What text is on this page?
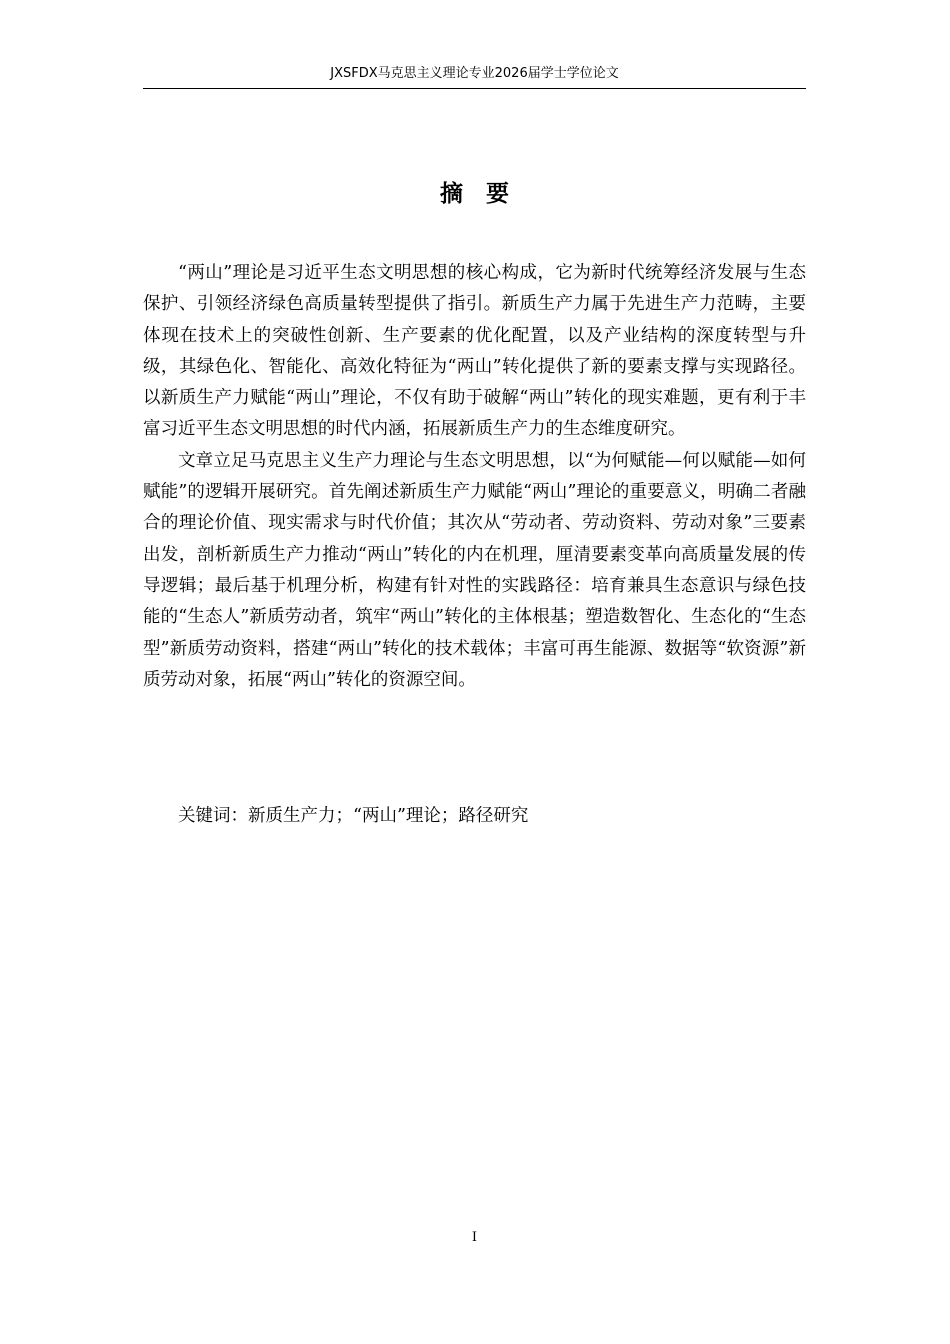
JXSFDX马克思主义理论专业2026届学士学位论文
摘 要

“两山”理论是习近平生态文明思想的核心构成，它为新时代统筹经济发展与生态保护、引领经济绿色高质量转型提供了指引。新质生产力属于先进生产力范畴，主要体现在技术上的突破性创新、生产要素的优化配置，以及产业结构的深度转型与升级，其绿色化、智能化、高效化特征为“两山”转化提供了新的要素支撑与实现路径。以新质生产力赋能“两山”理论，不仅有助于破解“两山”转化的现实难题，更有利于丰富习近平生态文明思想的时代内涵，拓展新质生产力的生态维度研究。

文章立足马克思主义生产力理论与生态文明思想，以“为何赋能—何以赋能—如何赋能”的逻辑开展研究。首先阐述新质生产力赋能“两山”理论的重要意义，明确二者融合的理论价值、现实需求与时代价值；其次从“劳动者、劳动资料、劳动对象”三要素出发，剖析新质生产力推动“两山”转化的内在机理，厘清要素变革向高质量发展的传导逻辑；最后基于机理分析，构建有针对性的实践路径：培育兼具生态意识与绿色技能的“生态人”新质劳动者，筑牢“两山”转化的主体根基；塑造数智化、生态化的“生态型”新质劳动资料，搭建“两山”转化的技术载体；丰富可再生能源、数据等“软资源”新质劳动对象，拓展“两山”转化的资源空间。

关键词：新质生产力；“两山”理论；路径研究
I
